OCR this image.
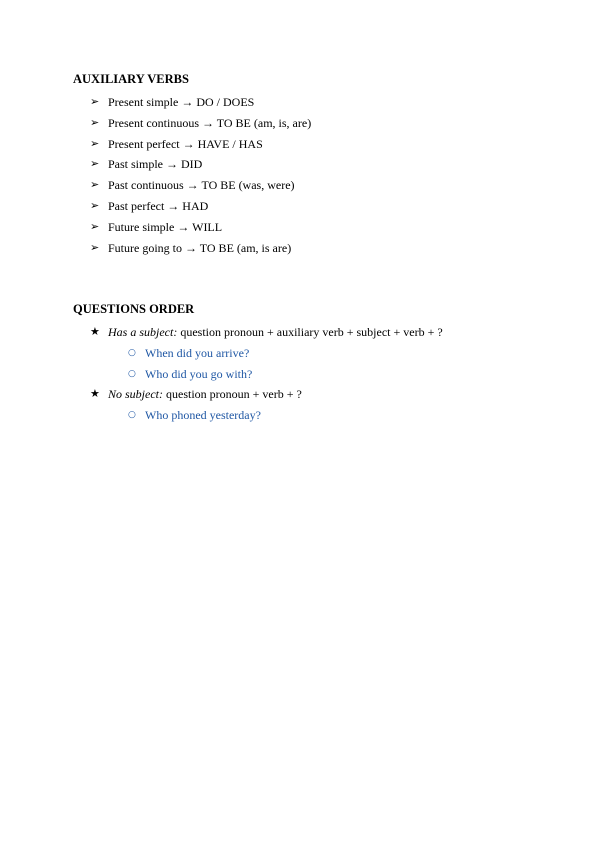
AUXILIARY VERBS
➢ Present simple → DO / DOES
➢ Present continuous → TO BE (am, is, are)
➢ Present perfect → HAVE / HAS
➢ Past simple → DID
➢ Past continuous → TO BE (was, were)
➢ Past perfect → HAD
➢ Future simple → WILL
➢ Future going to → TO BE (am, is are)
QUESTIONS ORDER
★ Has a subject: question pronoun + auxiliary verb + subject + verb + ?
○ When did you arrive?
○ Who did you go with?
★ No subject: question pronoun + verb + ?
○ Who phoned yesterday?
